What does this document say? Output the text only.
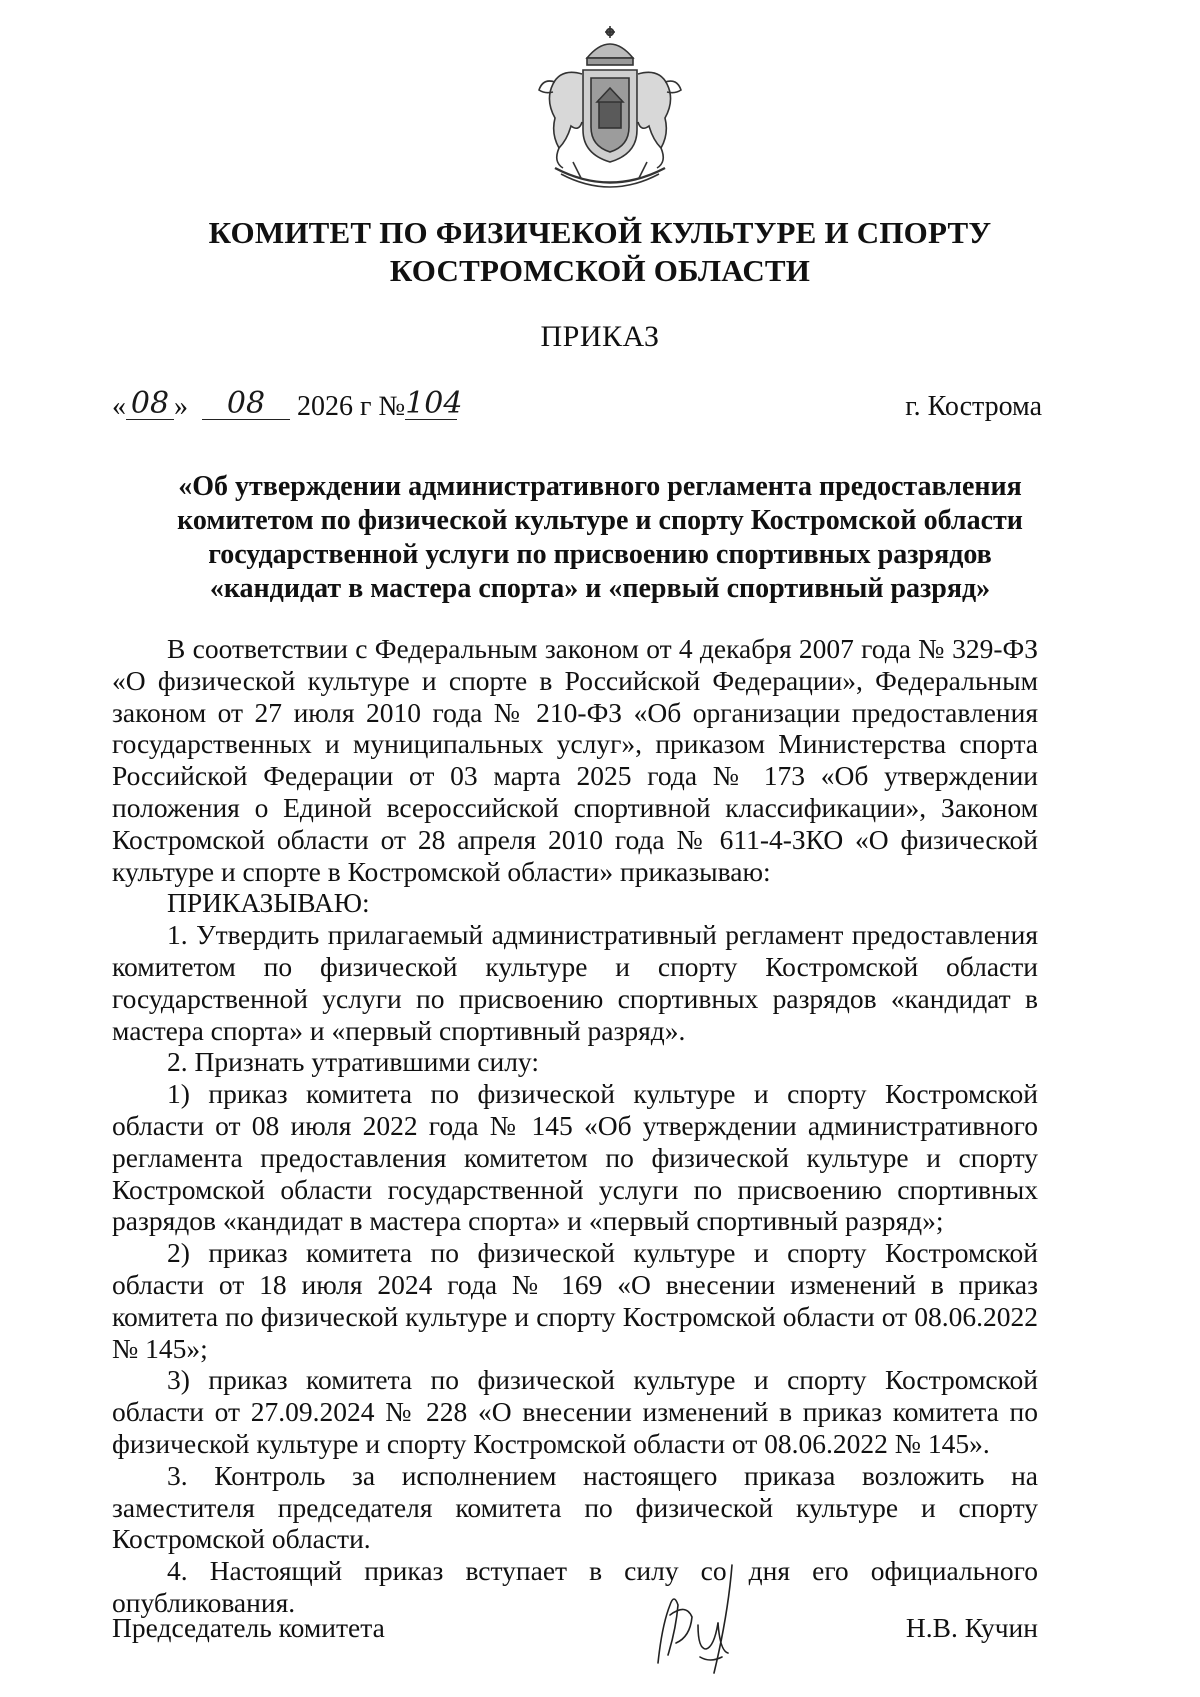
КОМИТЕТ ПО ФИЗИЧЕКОЙ КУЛЬТУРЕ И СПОРТУ
КОСТРОМСКОЙ ОБЛАСТИ
ПРИКАЗ
« 08 » 08 2026 г №104	г. Кострома
«Об утверждении административного регламента предоставления
комитетом по физической культуре и спорту Костромской области
государственной услуги по присвоению спортивных разрядов
«кандидат в мастера спорта» и «первый спортивный разряд»

В соответствии с Федеральным законом от 4 декабря 2007 года № 329-ФЗ «О физической культуре и спорте в Российской Федерации», Федеральным законом от 27 июля 2010 года № 210-ФЗ «Об организации предоставления государственных и муниципальных услуг», приказом Министерства спорта Российской Федерации от 03 марта 2025 года № 173 «Об утверждении положения о Единой всероссийской спортивной классификации», Законом Костромской области от 28 апреля 2010 года № 611-4-ЗКО «О физической культуре и спорте в Костромской области» приказываю:

ПРИКАЗЫВАЮ:

1. Утвердить прилагаемый административный регламент предоставления комитетом по физической культуре и спорту Костромской области государственной услуги по присвоению спортивных разрядов «кандидат в мастера спорта» и «первый спортивный разряд».

2. Признать утратившими силу:

1) приказ комитета по физической культуре и спорту Костромской области от 08 июля 2022 года № 145 «Об утверждении административного регламента предоставления комитетом по физической культуре и спорту Костромской области государственной услуги по присвоению спортивных разрядов «кандидат в мастера спорта» и «первый спортивный разряд»;

2) приказ комитета по физической культуре и спорту Костромской области от 18 июля 2024 года № 169 «О внесении изменений в приказ комитета по физической культуре и спорту Костромской области от 08.06.2022 № 145»;

3) приказ комитета по физической культуре и спорту Костромской области от 27.09.2024 № 228 «О внесении изменений в приказ комитета по физической культуре и спорту Костромской области от 08.06.2022 № 145».

3. Контроль за исполнением настоящего приказа возложить на заместителя председателя комитета по физической культуре и спорту Костромской области.

4. Настоящий приказ вступает в силу со дня его официального опубликования.

Председатель комитета	Н.В. Кучин
